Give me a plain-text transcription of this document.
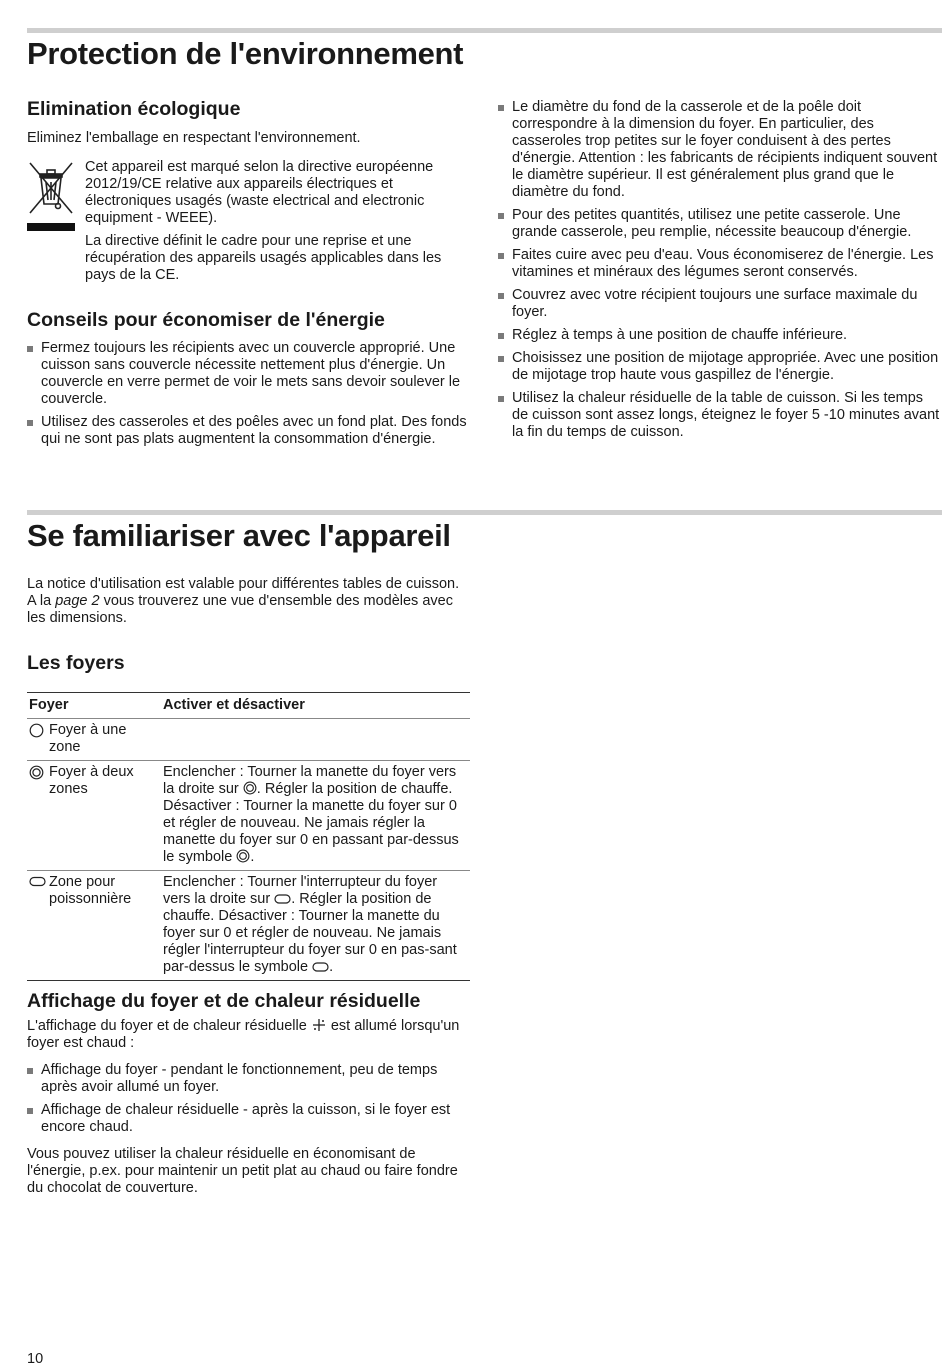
Protection de l'environnement
Elimination écologique

Eliminez l'emballage en respectant l'environnement.

Cet appareil est marqué selon la directive européenne 2012/19/CE relative aux appareils électriques et électroniques usagés (waste electrical and electronic equipment - WEEE).

La directive définit le cadre pour une reprise et une récupération des appareils usagés applicables dans les pays de la CE.

Conseils pour économiser de l'énergie
Fermez toujours les récipients avec un couvercle approprié. Une cuisson sans couvercle nécessite nettement plus d'énergie. Un couvercle en verre permet de voir le mets sans devoir soulever le couvercle.
Utilisez des casseroles et des poêles avec un fond plat. Des fonds qui ne sont pas plats augmentent la consommation d'énergie.
Le diamètre du fond de la casserole et de la poêle doit correspondre à la dimension du foyer. En particulier, des casseroles trop petites sur le foyer conduisent à des pertes d'énergie. Attention : les fabricants de récipients indiquent souvent le diamètre supérieur. Il est généralement plus grand que le diamètre du fond.
Pour des petites quantités, utilisez une petite casserole. Une grande casserole, peu remplie, nécessite beaucoup d'énergie.
Faites cuire avec peu d'eau. Vous économiserez de l'énergie. Les vitamines et minéraux des légumes seront conservés.
Couvrez avec votre récipient toujours une surface maximale du foyer.
Réglez à temps à une position de chauffe inférieure.
Choisissez une position de mijotage appropriée. Avec une position de mijotage trop haute vous gaspillez de l'énergie.
Utilisez la chaleur résiduelle de la table de cuisson. Si les temps de cuisson sont assez longs, éteignez le foyer 5 -10 minutes avant la fin du temps de cuisson.
Se familiariser avec l'appareil

La notice d'utilisation est valable pour différentes tables de cuisson. A la page 2 vous trouverez une vue d'ensemble des modèles avec les dimensions.

Les foyers
Foyer	Activer et désactiver

Foyer à une zone	

Foyer à deux zones	Enclencher : Tourner la manette du foyer vers la droite sur . Régler la position de chauffe. Désactiver : Tourner la manette du foyer sur 0 et régler de nouveau. Ne jamais régler la manette du foyer sur 0 en passant par-dessus le symbole .

Zone pour poissonnière	Enclencher : Tourner l'interrupteur du foyer vers la droite sur . Régler la position de chauffe. Désactiver : Tourner la manette du foyer sur 0 et régler de nouveau. Ne jamais régler l'interrupteur du foyer sur 0 en pas-sant par-dessus le symbole .
Affichage du foyer et de chaleur résiduelle

L'affichage du foyer et de chaleur résiduelle  est allumé lorsqu'un foyer est chaud :

Affichage du foyer - pendant le fonctionnement, peu de temps après avoir allumé un foyer.
Affichage de chaleur résiduelle - après la cuisson, si le foyer est encore chaud.

Vous pouvez utiliser la chaleur résiduelle en économisant de l'énergie, p.ex. pour maintenir un petit plat au chaud ou faire fondre du chocolat de couverture.

10
